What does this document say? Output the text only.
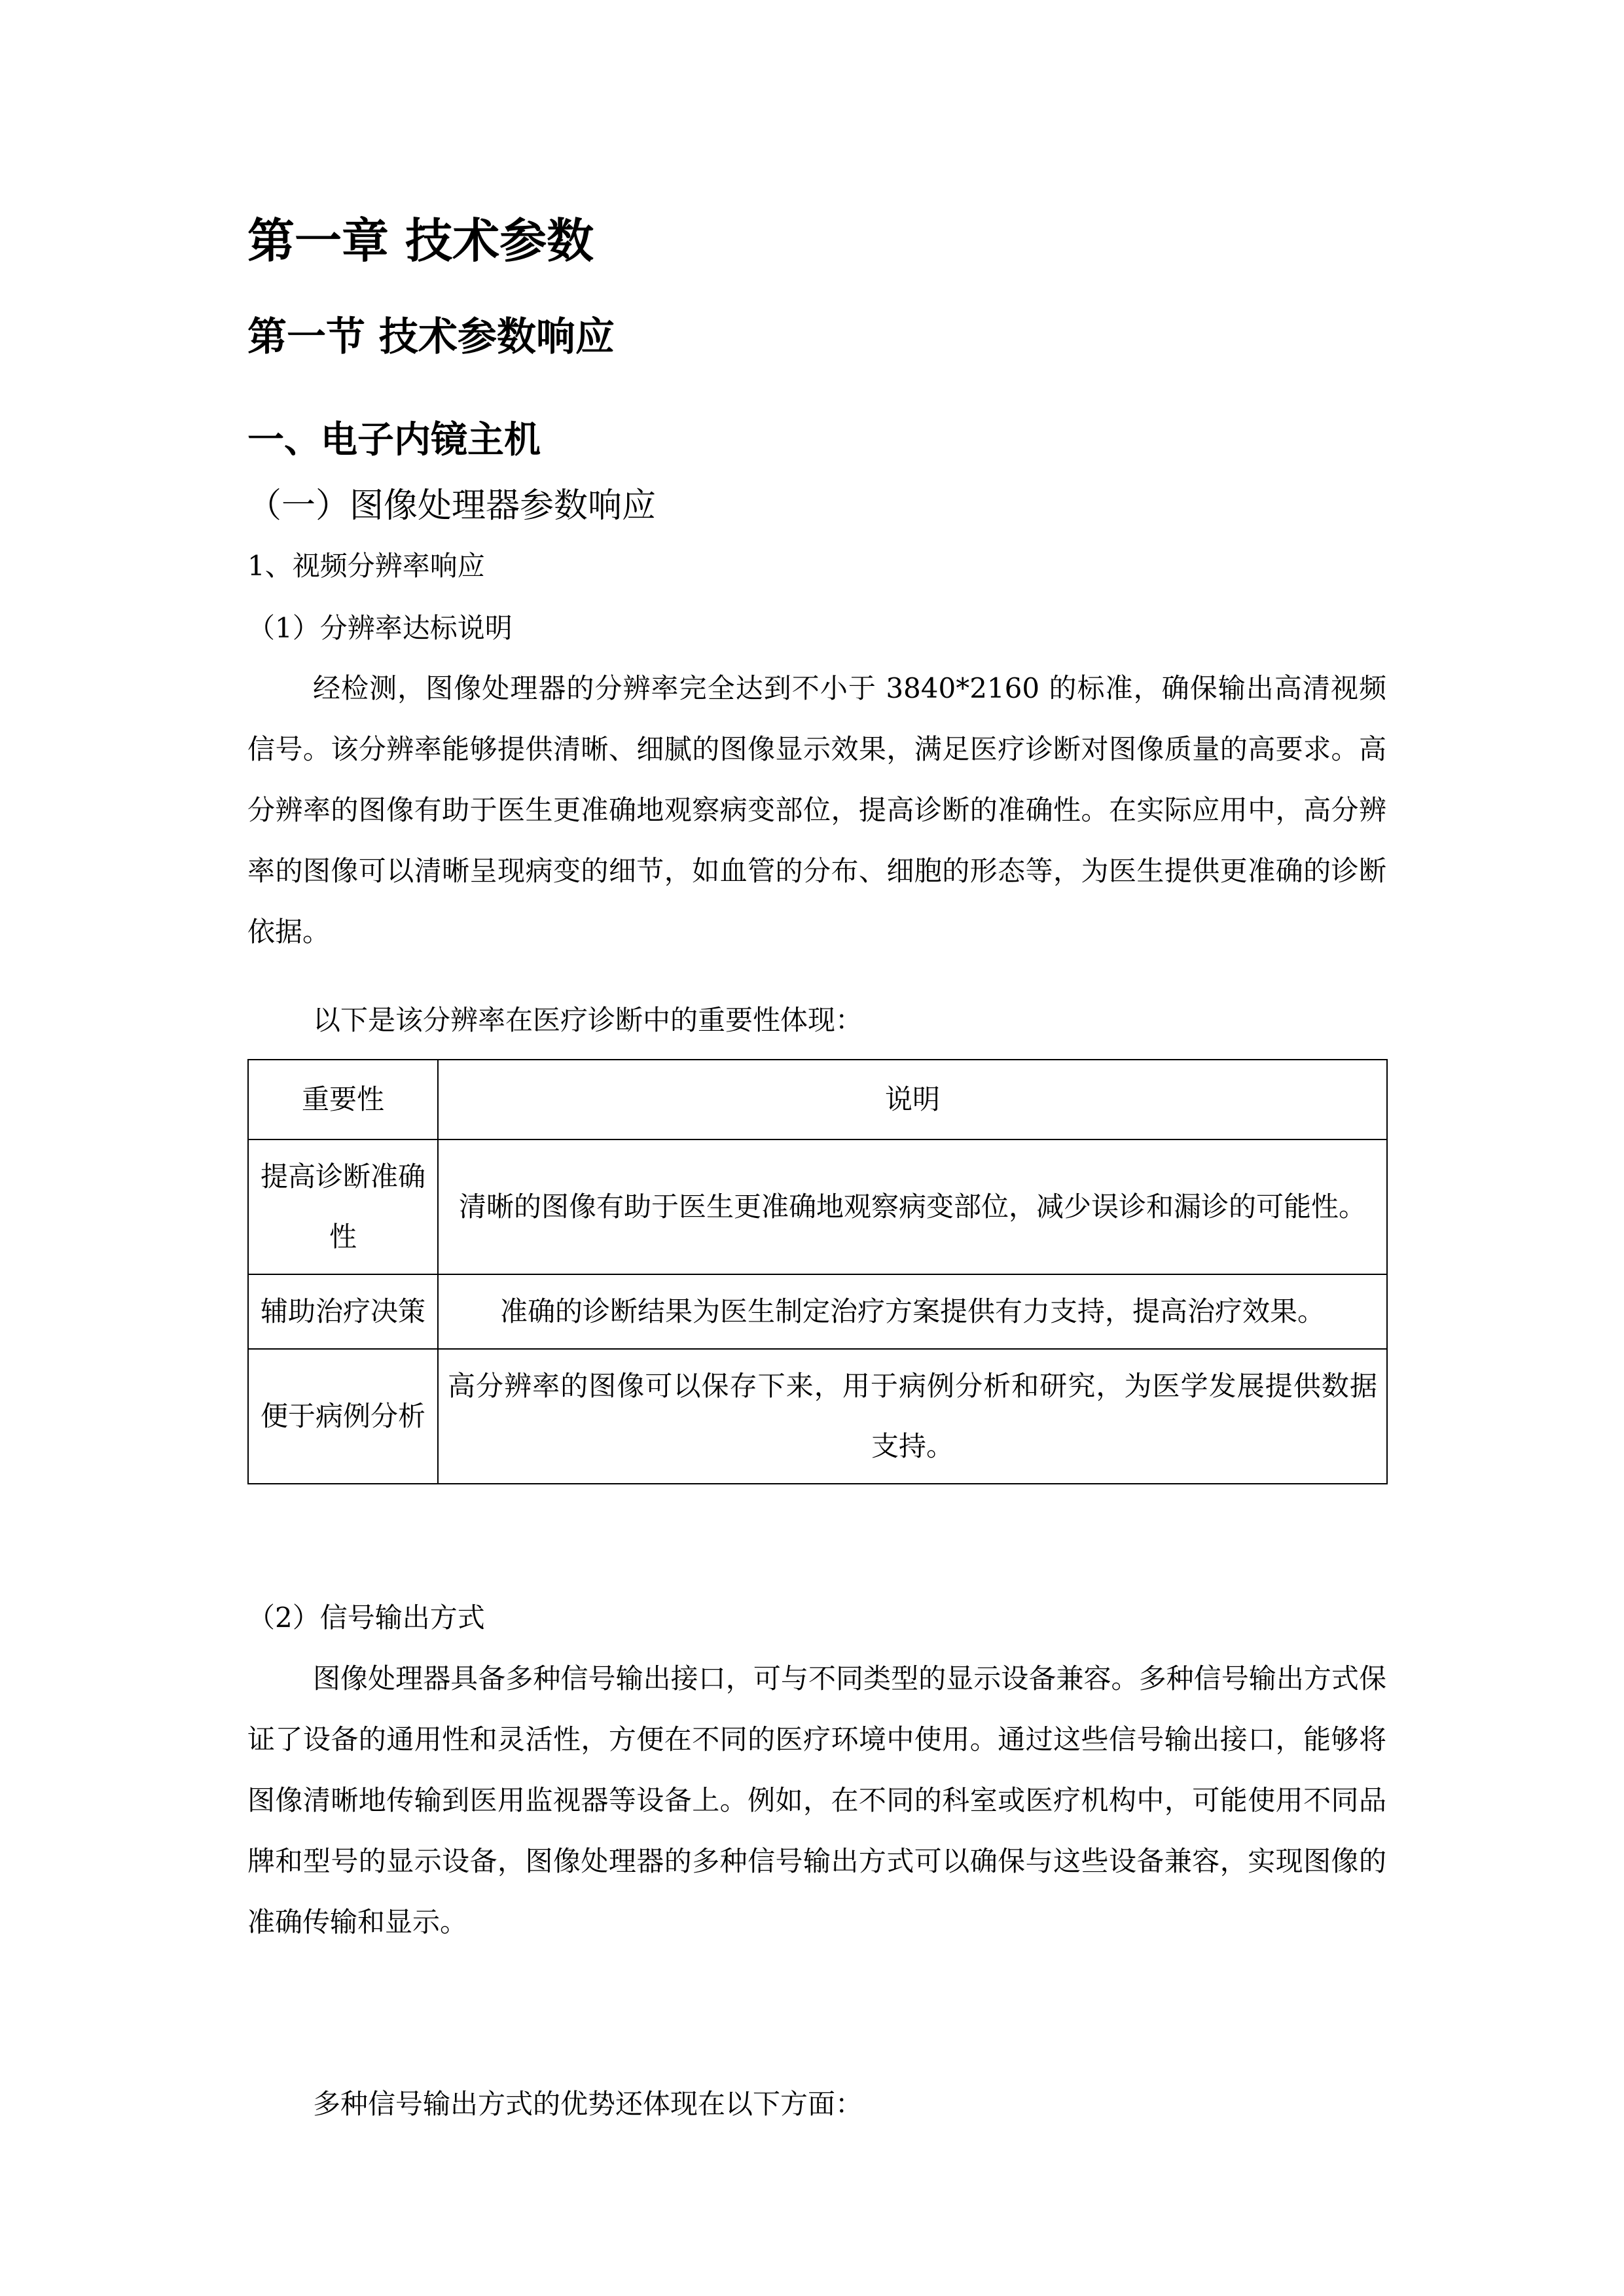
第一章 技术参数
第一节 技术参数响应
一、电子内镜主机
（一）图像处理器参数响应
1、视频分辨率响应
（1）分辨率达标说明

经检测，图像处理器的分辨率完全达到不小于 3840*2160 的标准，确保输出高清视频信号。该分辨率能够提供清晰、细腻的图像显示效果，满足医疗诊断对图像质量的高要求。高分辨率的图像有助于医生更准确地观察病变部位，提高诊断的准确性。在实际应用中，高分辨率的图像可以清晰呈现病变的细节，如血管的分布、细胞的形态等，为医生提供更准确的诊断依据。

以下是该分辨率在医疗诊断中的重要性体现：

重要性	说明
提高诊断准确性	清晰的图像有助于医生更准确地观察病变部位，减少误诊和漏诊的可能性。
辅助治疗决策	准确的诊断结果为医生制定治疗方案提供有力支持，提高治疗效果。
便于病例分析	高分辨率的图像可以保存下来，用于病例分析和研究，为医学发展提供数据支持。
（2）信号输出方式

图像处理器具备多种信号输出接口，可与不同类型的显示设备兼容。多种信号输出方式保证了设备的通用性和灵活性，方便在不同的医疗环境中使用。通过这些信号输出接口，能够将图像清晰地传输到医用监视器等设备上。例如，在不同的科室或医疗机构中，可能使用不同品牌和型号的显示设备，图像处理器的多种信号输出方式可以确保与这些设备兼容，实现图像的准确传输和显示。

多种信号输出方式的优势还体现在以下方面：
